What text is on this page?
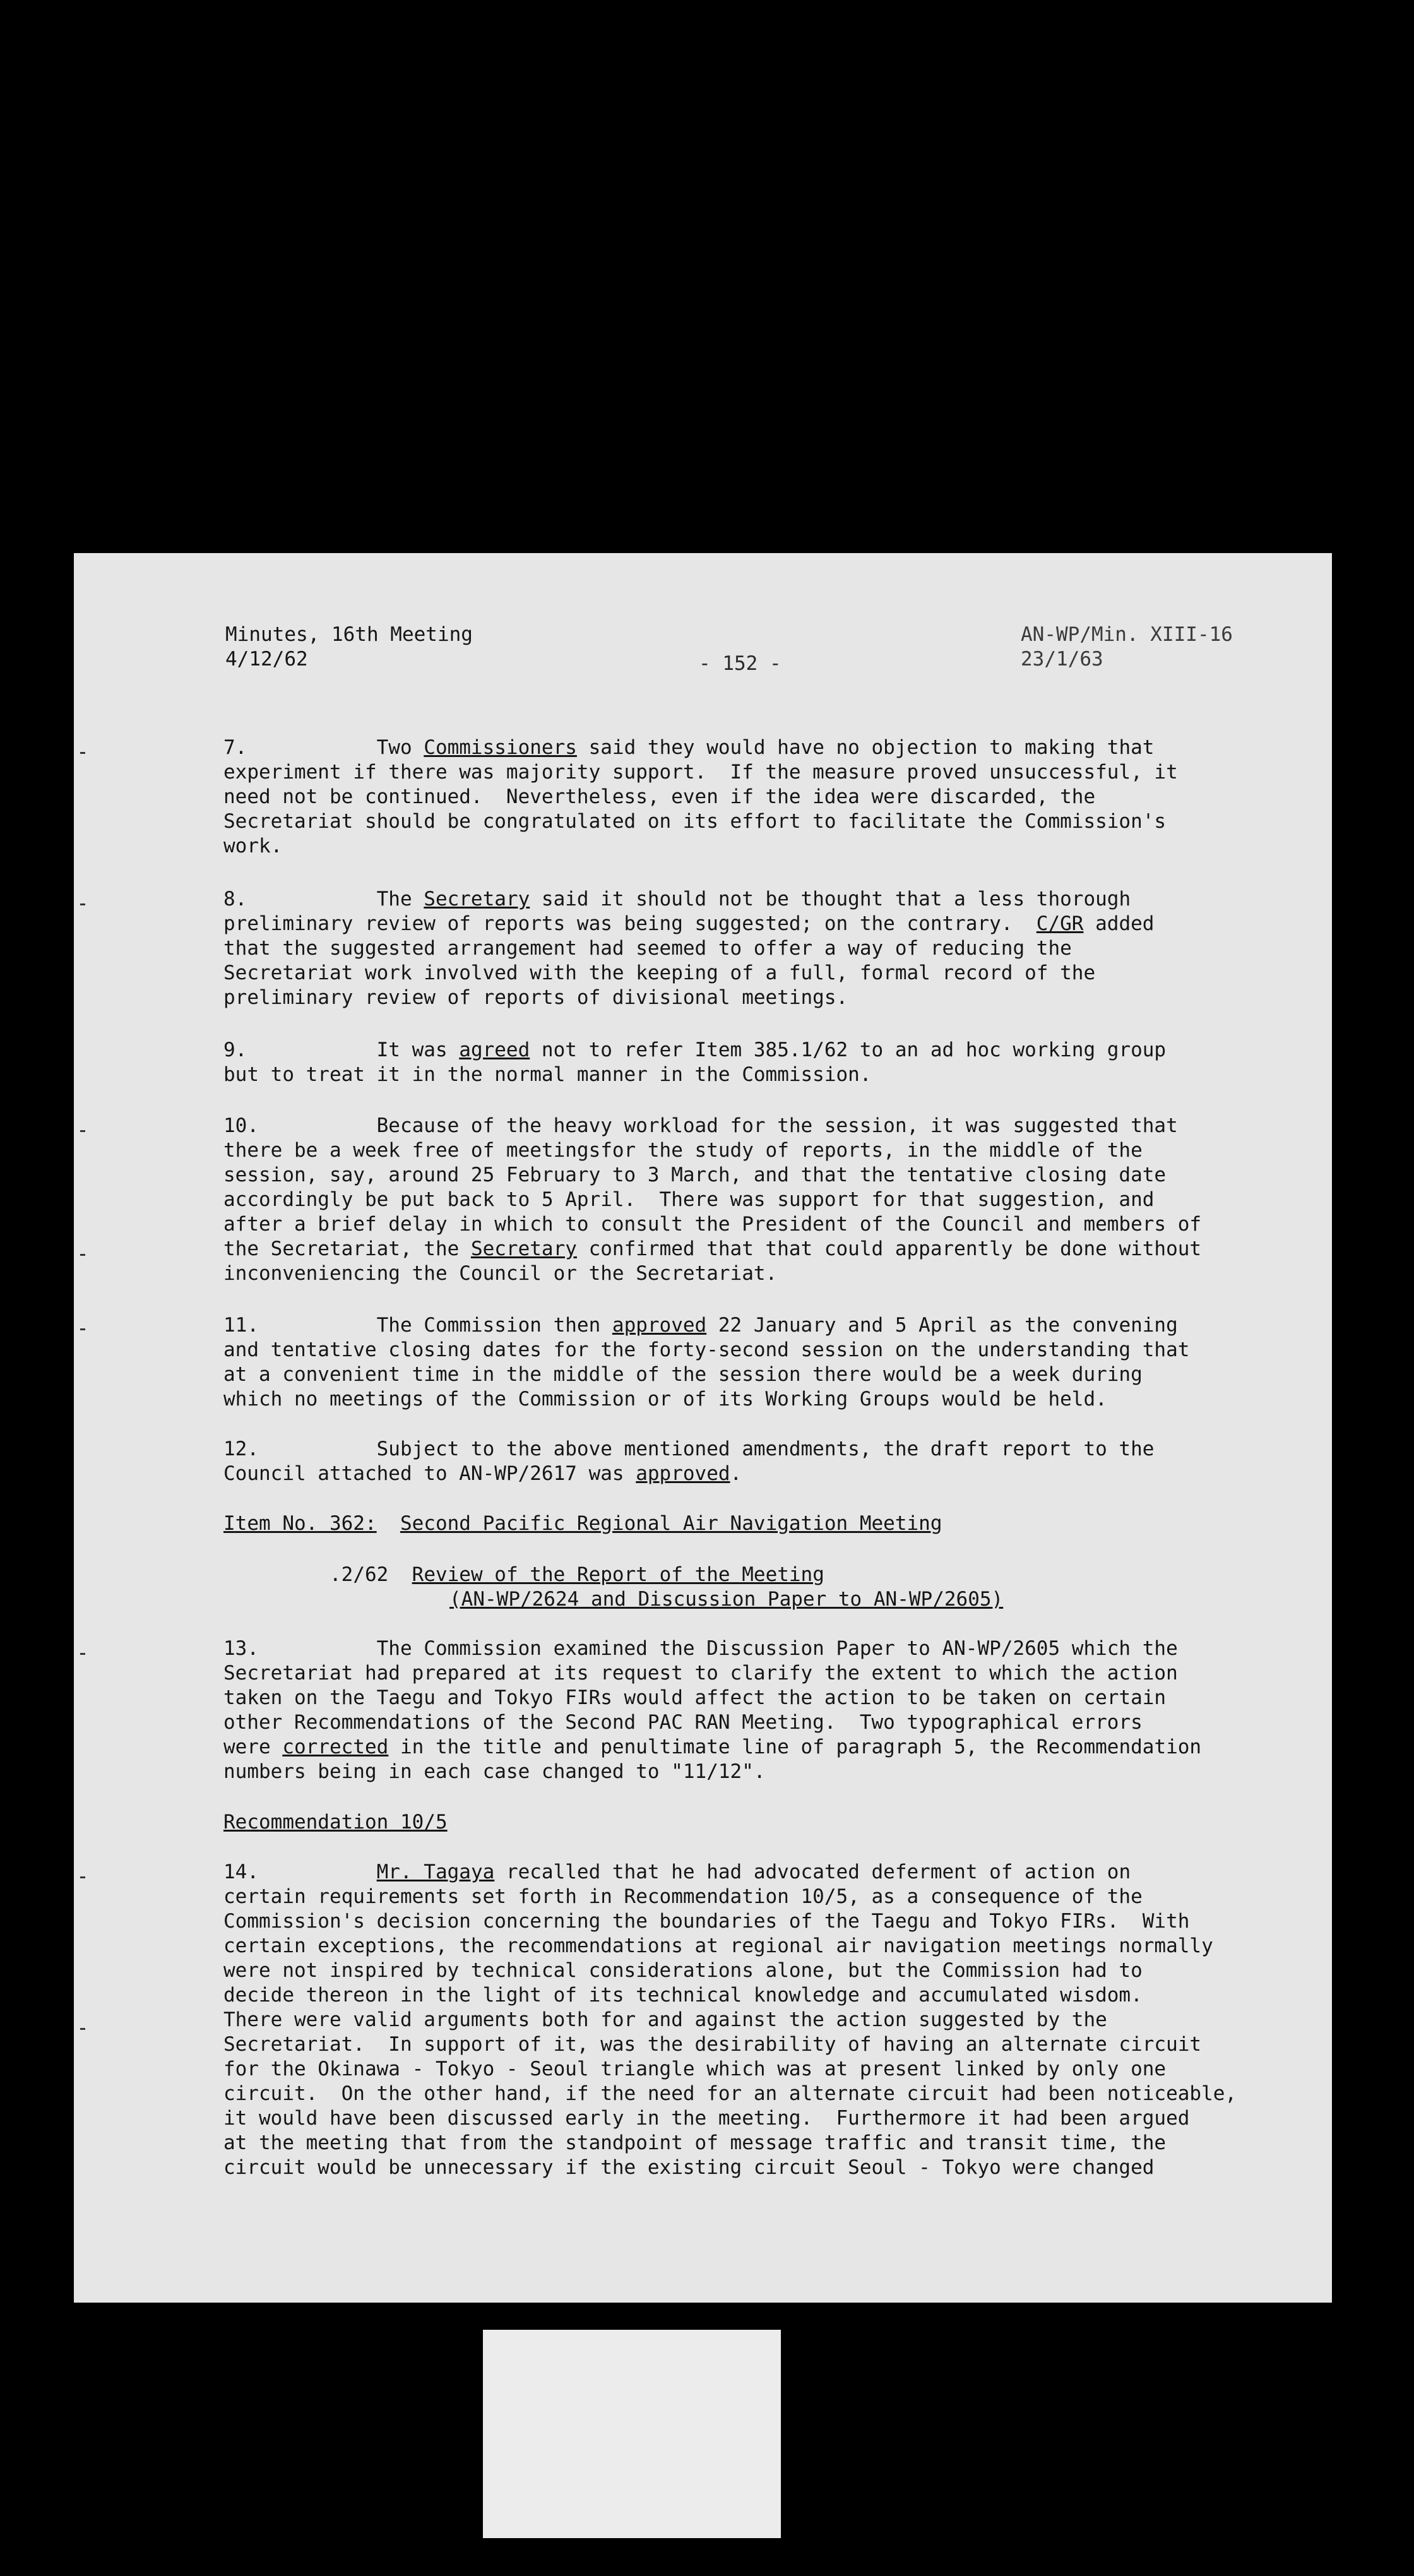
Minutes, 16th Meeting
4/12/62	- 152 -
AN-WP/Min. XIII-16
23/1/63
7.           Two Commissioners said they would have no objection to making that
experiment if there was majority support.  If the measure proved unsuccessful, it
need not be continued.  Nevertheless, even if the idea were discarded, the
Secretariat should be congratulated on its effort to facilitate the Commission's
work.
8.           The Secretary said it should not be thought that a less thorough
preliminary review of reports was being suggested; on the contrary.  C/GR added
that the suggested arrangement had seemed to offer a way of reducing the
Secretariat work involved with the keeping of a full, formal record of the
preliminary review of reports of divisional meetings.
9.           It was agreed not to refer Item 385.1/62 to an ad hoc working group
but to treat it in the normal manner in the Commission.
10.          Because of the heavy workload for the session, it was suggested that
there be a week free of meetingsfor the study of reports, in the middle of the
session, say, around 25 February to 3 March, and that the tentative closing date
accordingly be put back to 5 April.  There was support for that suggestion, and
after a brief delay in which to consult the President of the Council and members of
the Secretariat, the Secretary confirmed that that could apparently be done without
inconveniencing the Council or the Secretariat.
11.          The Commission then approved 22 January and 5 April as the convening
and tentative closing dates for the forty-second session on the understanding that
at a convenient time in the middle of the session there would be a week during
which no meetings of the Commission or of its Working Groups would be held.
12.          Subject to the above mentioned amendments, the draft report to the
Council attached to AN-WP/2617 was approved.
Item No. 362: Second Pacific Regional Air Navigation Meeting
.2/62 Review of the Report of the Meeting
(AN-WP/2624 and Discussion Paper to AN-WP/2605)
13.          The Commission examined the Discussion Paper to AN-WP/2605 which the
Secretariat had prepared at its request to clarify the extent to which the action
taken on the Taegu and Tokyo FIRs would affect the action to be taken on certain
other Recommendations of the Second PAC RAN Meeting.  Two typographical errors
were corrected in the title and penultimate line of paragraph 5, the Recommendation
numbers being in each case changed to "11/12".
Recommendation 10/5
14.          Mr. Tagaya recalled that he had advocated deferment of action on
certain requirements set forth in Recommendation 10/5, as a consequence of the
Commission's decision concerning the boundaries of the Taegu and Tokyo FIRs.  With
certain exceptions, the recommendations at regional air navigation meetings normally
were not inspired by technical considerations alone, but the Commission had to
decide thereon in the light of its technical knowledge and accumulated wisdom.
There were valid arguments both for and against the action suggested by the
Secretariat.  In support of it, was the desirability of having an alternate circuit
for the Okinawa - Tokyo - Seoul triangle which was at present linked by only one
circuit.  On the other hand, if the need for an alternate circuit had been noticeable,
it would have been discussed early in the meeting.  Furthermore it had been argued
at the meeting that from the standpoint of message traffic and transit time, the
circuit would be unnecessary if the existing circuit Seoul - Tokyo were changed
